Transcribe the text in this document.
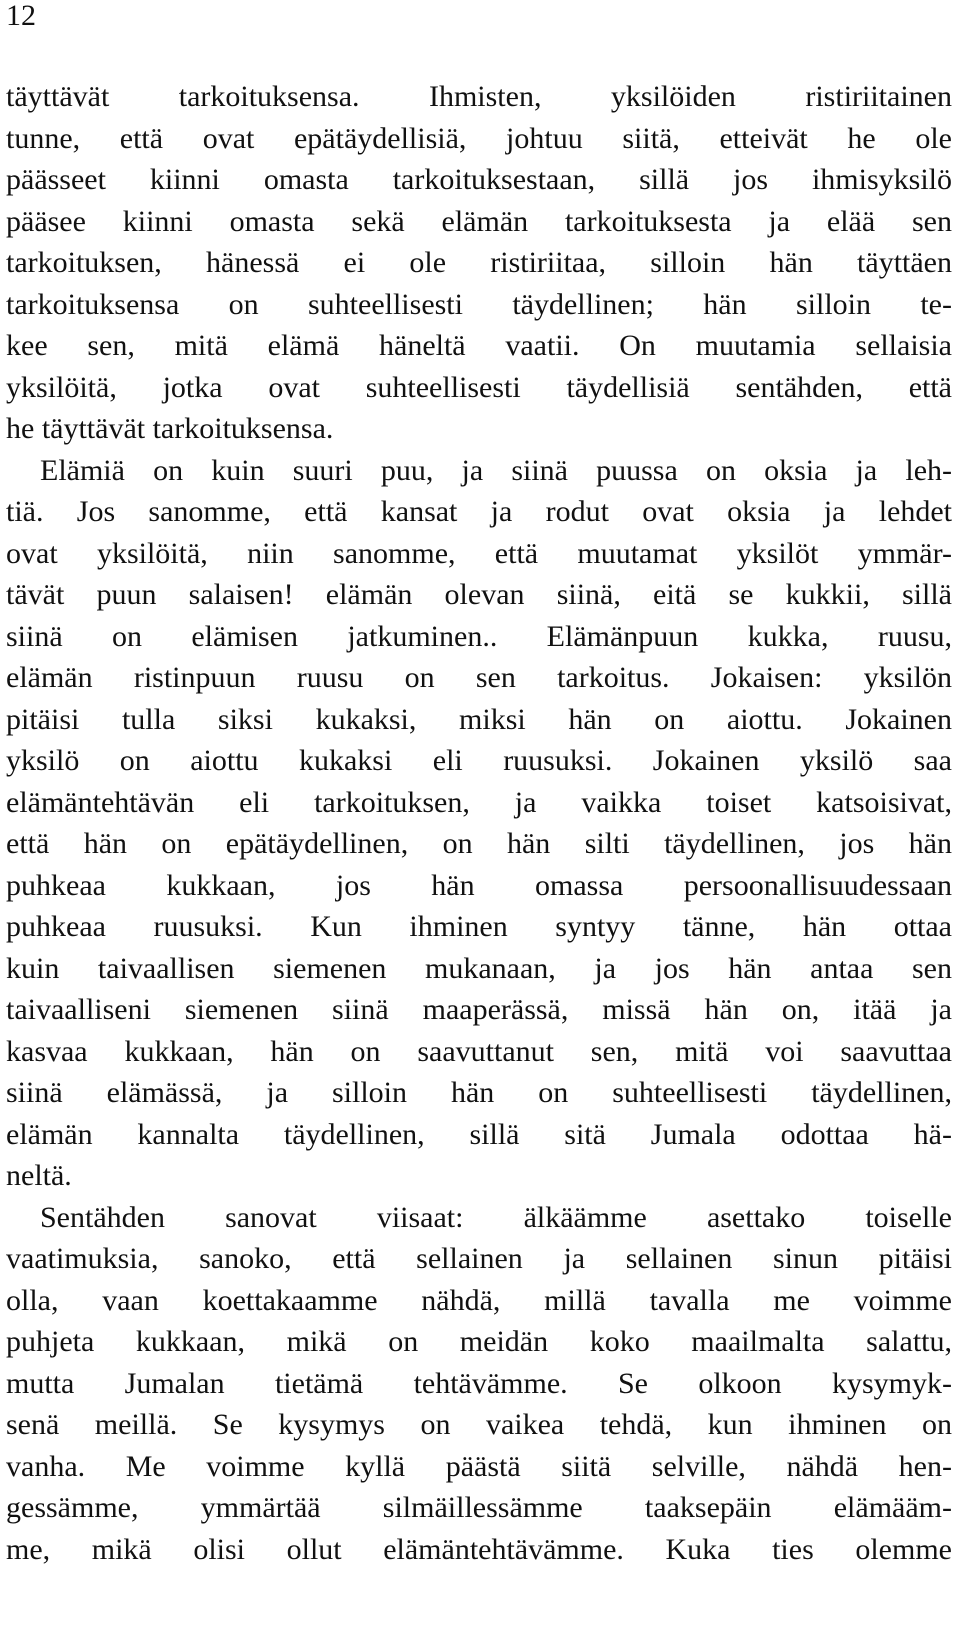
12

täyttävät tarkoituksensa. Ihmisten, yksilöiden ristiriitainen
tunne, että ovat epätäydellisiä, johtuu siitä, etteivät he ole
päässeet kiinni omasta tarkoituksestaan, sillä jos ihmisyksilö
pääsee kiinni omasta sekä elämän tarkoituksesta ja elää sen
tarkoituksen, hänessä ei ole ristiriitaa, silloin hän täyttäen
tarkoituksensa on suhteellisesti täydellinen; hän silloin te-
kee sen, mitä elämä häneltä vaatii. On muutamia sellaisia
yksilöitä, jotka ovat suhteellisesti täydellisiä sentähden, että
he täyttävät tarkoituksensa.
Elämiä on kuin suuri puu, ja siinä puussa on oksia ja leh-
tiä. Jos sanomme, että kansat ja rodut ovat oksia ja lehdet
ovat yksilöitä, niin sanomme, että muutamat yksilöt ymmär-
tävät puun salaisen! elämän olevan siinä, eitä se kukkii, sillä
siinä on elämisen jatkuminen.. Elämänpuun kukka, ruusu,
elämän ristinpuun ruusu on sen tarkoitus. Jokaisen: yksilön
pitäisi tulla siksi kukaksi, miksi hän on aiottu. Jokainen
yksilö on aiottu kukaksi eli ruusuksi. Jokainen yksilö saa
elämäntehtävän eli tarkoituksen, ja vaikka toiset katsoisivat,
että hän on epätäydellinen, on hän silti täydellinen, jos hän
puhkeaa kukkaan, jos hän omassa persoonallisuudessaan
puhkeaa ruusuksi. Kun ihminen syntyy tänne, hän ottaa
kuin taivaallisen siemenen mukanaan, ja jos hän antaa sen
taivaalliseni siemenen siinä maaperässä, missä hän on, itää ja
kasvaa kukkaan, hän on saavuttanut sen, mitä voi saavuttaa
siinä elämässä, ja silloin hän on suhteellisesti täydellinen,
elämän kannalta täydellinen, sillä sitä Jumala odottaa hä-
neltä.
Sentähden sanovat viisaat: älkäämme asettako toiselle
vaatimuksia, sanoko, että sellainen ja sellainen sinun pitäisi
olla, vaan koettakaamme nähdä, millä tavalla me voimme
puhjeta kukkaan, mikä on meidän koko maailmalta salattu,
mutta Jumalan tietämä tehtävämme. Se olkoon kysymyk-
senä meillä. Se kysymys on vaikea tehdä, kun ihminen on
vanha. Me voimme kyllä päästä siitä selville, nähdä hen-
gessämme, ymmärtää silmäillessämme taaksepäin elämääm-
me, mikä olisi ollut elämäntehtävämme. Kuka ties olemme
